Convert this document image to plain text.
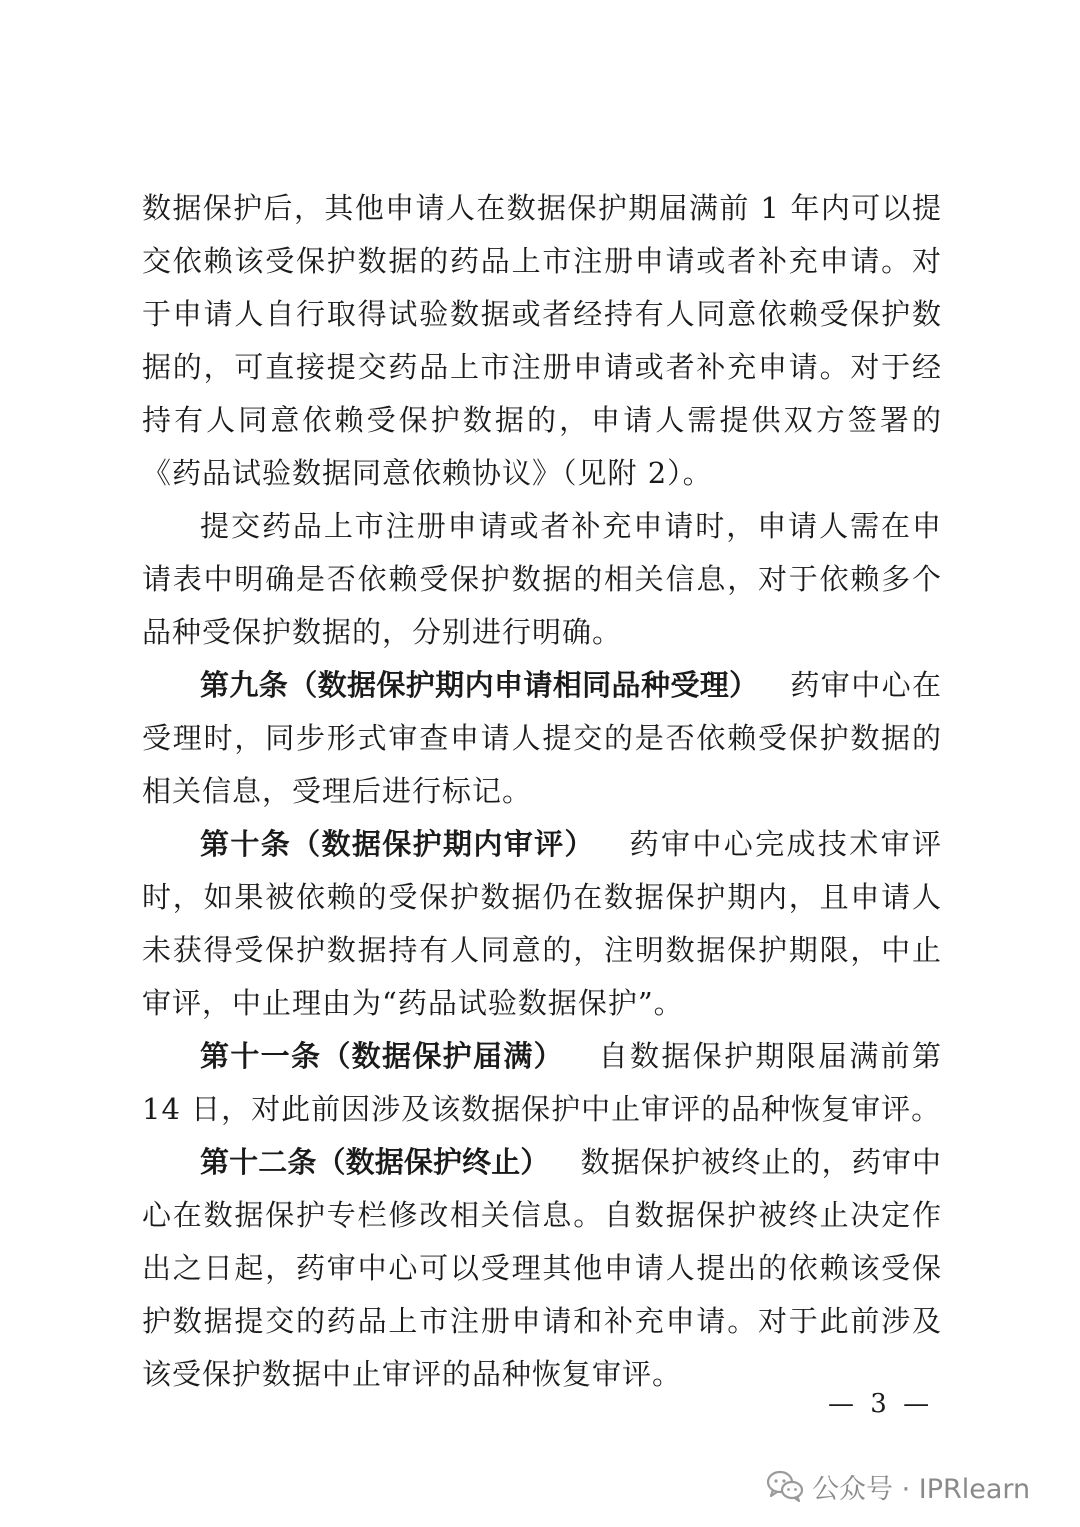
数据保护后，其他申请人在数据保护期届满前 1 年内可以提交依赖该受保护数据的药品上市注册申请或者补充申请。对于申请人自行取得试验数据或者经持有人同意依赖受保护数据的，可直接提交药品上市注册申请或者补充申请。对于经持有人同意依赖受保护数据的，申请人需提供双方签署的《药品试验数据同意依赖协议》（见附 2）。

提交药品上市注册申请或者补充申请时，申请人需在申请表中明确是否依赖受保护数据的相关信息，对于依赖多个品种受保护数据的，分别进行明确。

第九条（数据保护期内申请相同品种受理） 药审中心在受理时，同步形式审查申请人提交的是否依赖受保护数据的相关信息，受理后进行标记。

第十条（数据保护期内审评） 药审中心完成技术审评时，如果被依赖的受保护数据仍在数据保护期内，且申请人未获得受保护数据持有人同意的，注明数据保护期限，中止审评，中止理由为“药品试验数据保护”。

第十一条（数据保护届满） 自数据保护期限届满前第 14 日，对此前因涉及该数据保护中止审评的品种恢复审评。

第十二条（数据保护终止） 数据保护被终止的，药审中心在数据保护专栏修改相关信息。自数据保护被终止决定作出之日起，药审中心可以受理其他申请人提出的依赖该受保护数据提交的药品上市注册申请和补充申请。对于此前涉及该受保护数据中止审评的品种恢复审评。

— 3 —
公众号 · IPRlearn
